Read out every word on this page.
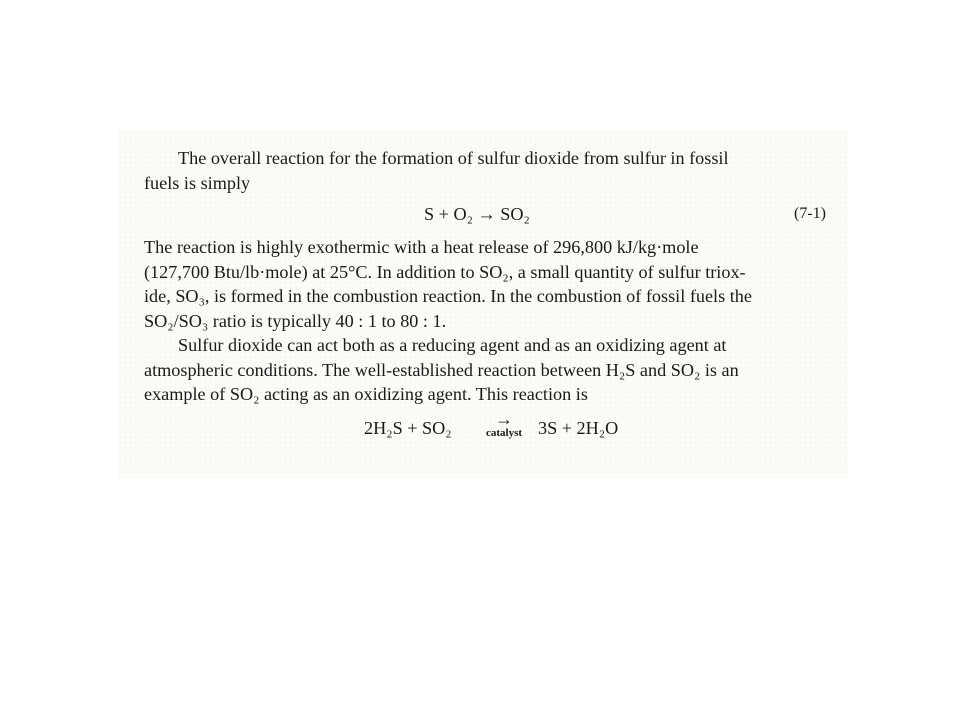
The overall reaction for the formation of sulfur dioxide from sulfur in fossil
fuels is simply
S + O₂ → SO₂	(7-1)
The reaction is highly exothermic with a heat release of 296,800 kJ/kg·mole
(127,700 Btu/lb·mole) at 25°C. In addition to SO₂, a small quantity of sulfur triox-
ide, SO₃, is formed in the combustion reaction. In the combustion of fossil fuels the
SO₂/SO₃ ratio is typically 40 : 1 to 80 : 1.
Sulfur dioxide can act both as a reducing agent and as an oxidizing agent at
atmospheric conditions. The well-established reaction between H₂S and SO₂ is an
example of SO₂ acting as an oxidizing agent. This reaction is
2H₂S + SO₂	→
catalyst 3S + 2H₂O
